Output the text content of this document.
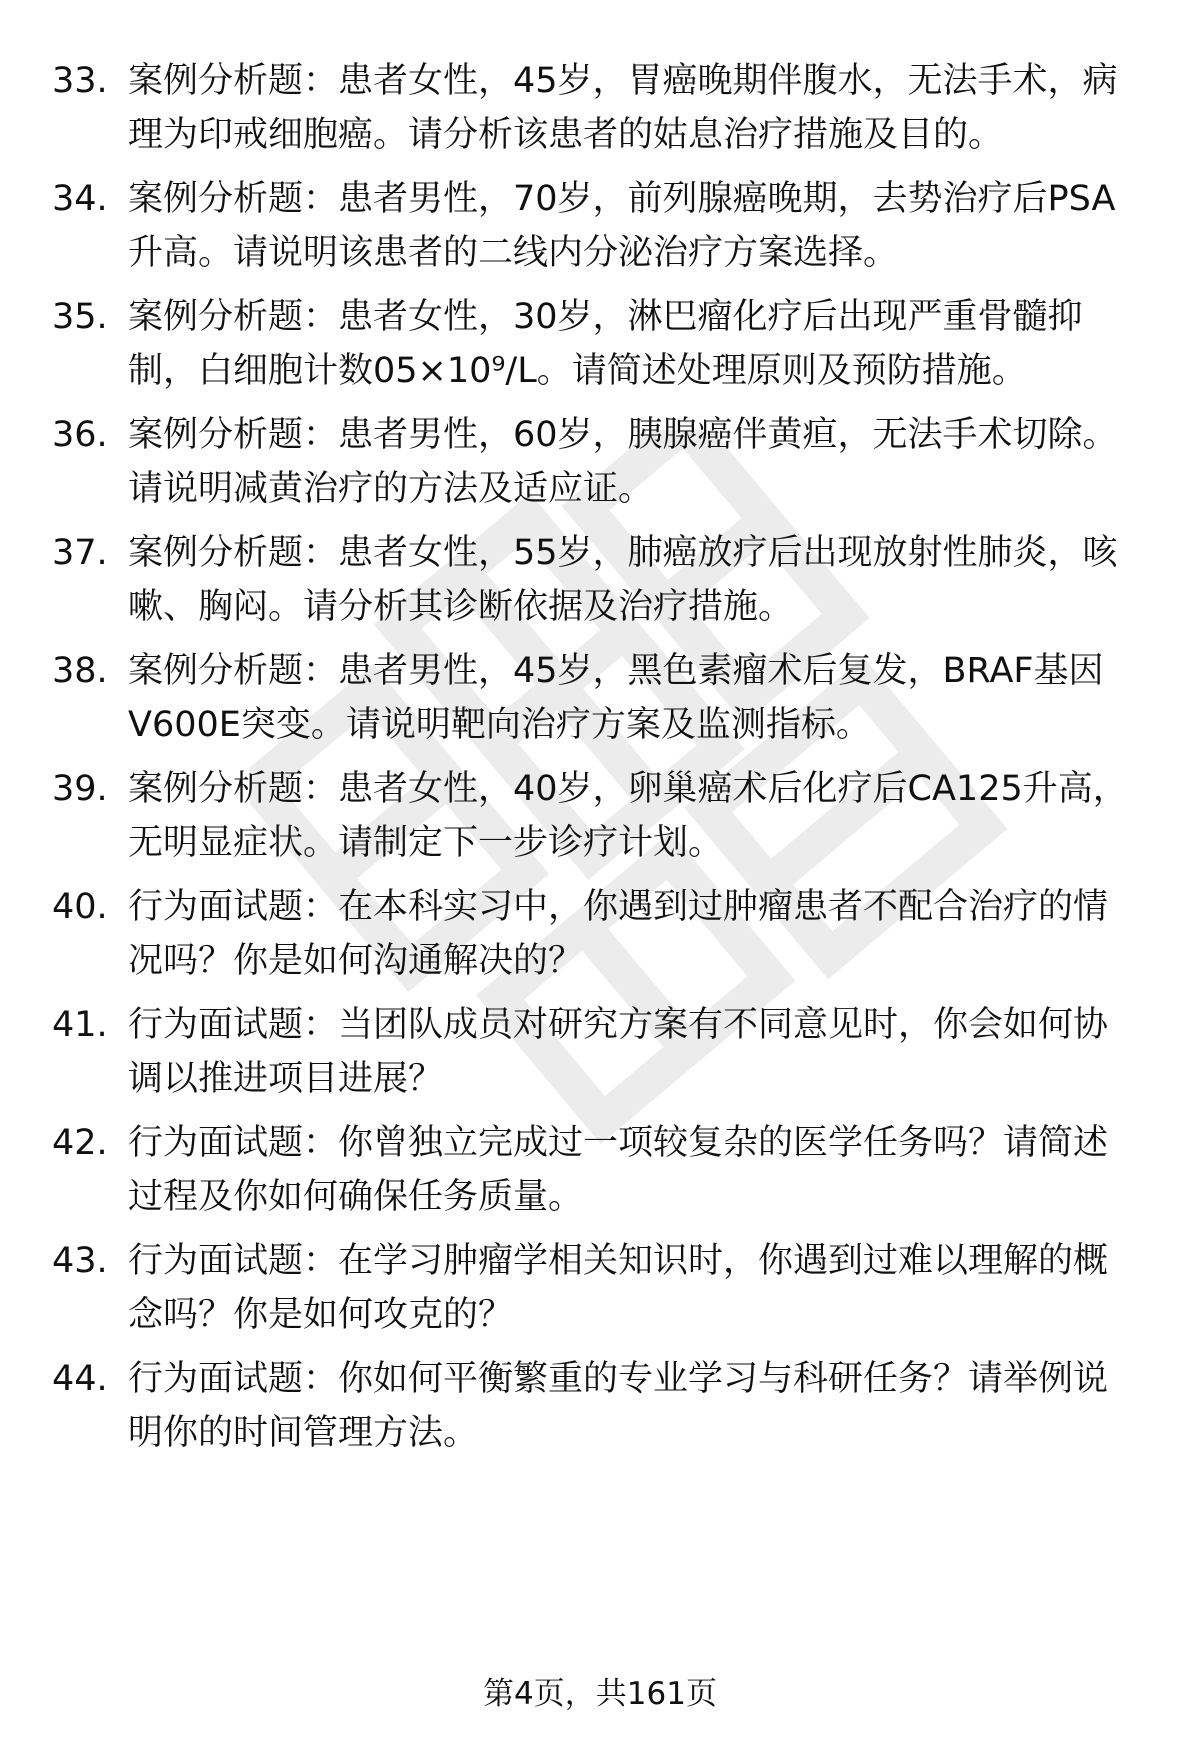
33. 案例分析题：患者女性，45岁，胃癌晚期伴腹水，无法手术，病
理为印戒细胞癌。请分析该患者的姑息治疗措施及目的。
34. 案例分析题：患者男性，70岁，前列腺癌晚期，去势治疗后PSA
升高。请说明该患者的二线内分泌治疗方案选择。
35. 案例分析题：患者女性，30岁，淋巴瘤化疗后出现严重骨髓抑
制，白细胞计数05×10⁹/L。请简述处理原则及预防措施。
36. 案例分析题：患者男性，60岁，胰腺癌伴黄疸，无法手术切除。
请说明减黄治疗的方法及适应证。
37. 案例分析题：患者女性，55岁，肺癌放疗后出现放射性肺炎，咳
嗽、胸闷。请分析其诊断依据及治疗措施。
38. 案例分析题：患者男性，45岁，黑色素瘤术后复发，BRAF基因
V600E突变。请说明靶向治疗方案及监测指标。
39. 案例分析题：患者女性，40岁，卵巢癌术后化疗后CA125升高，
无明显症状。请制定下一步诊疗计划。
40. 行为面试题：在本科实习中，你遇到过肿瘤患者不配合治疗的情
况吗？你是如何沟通解决的？
41. 行为面试题：当团队成员对研究方案有不同意见时，你会如何协
调以推进项目进展？
42. 行为面试题：你曾独立完成过一项较复杂的医学任务吗？请简述
过程及你如何确保任务质量。
43. 行为面试题：在学习肿瘤学相关知识时，你遇到过难以理解的概
念吗？你是如何攻克的？
44. 行为面试题：你如何平衡繁重的专业学习与科研任务？请举例说
明你的时间管理方法。
第4页，共161页
